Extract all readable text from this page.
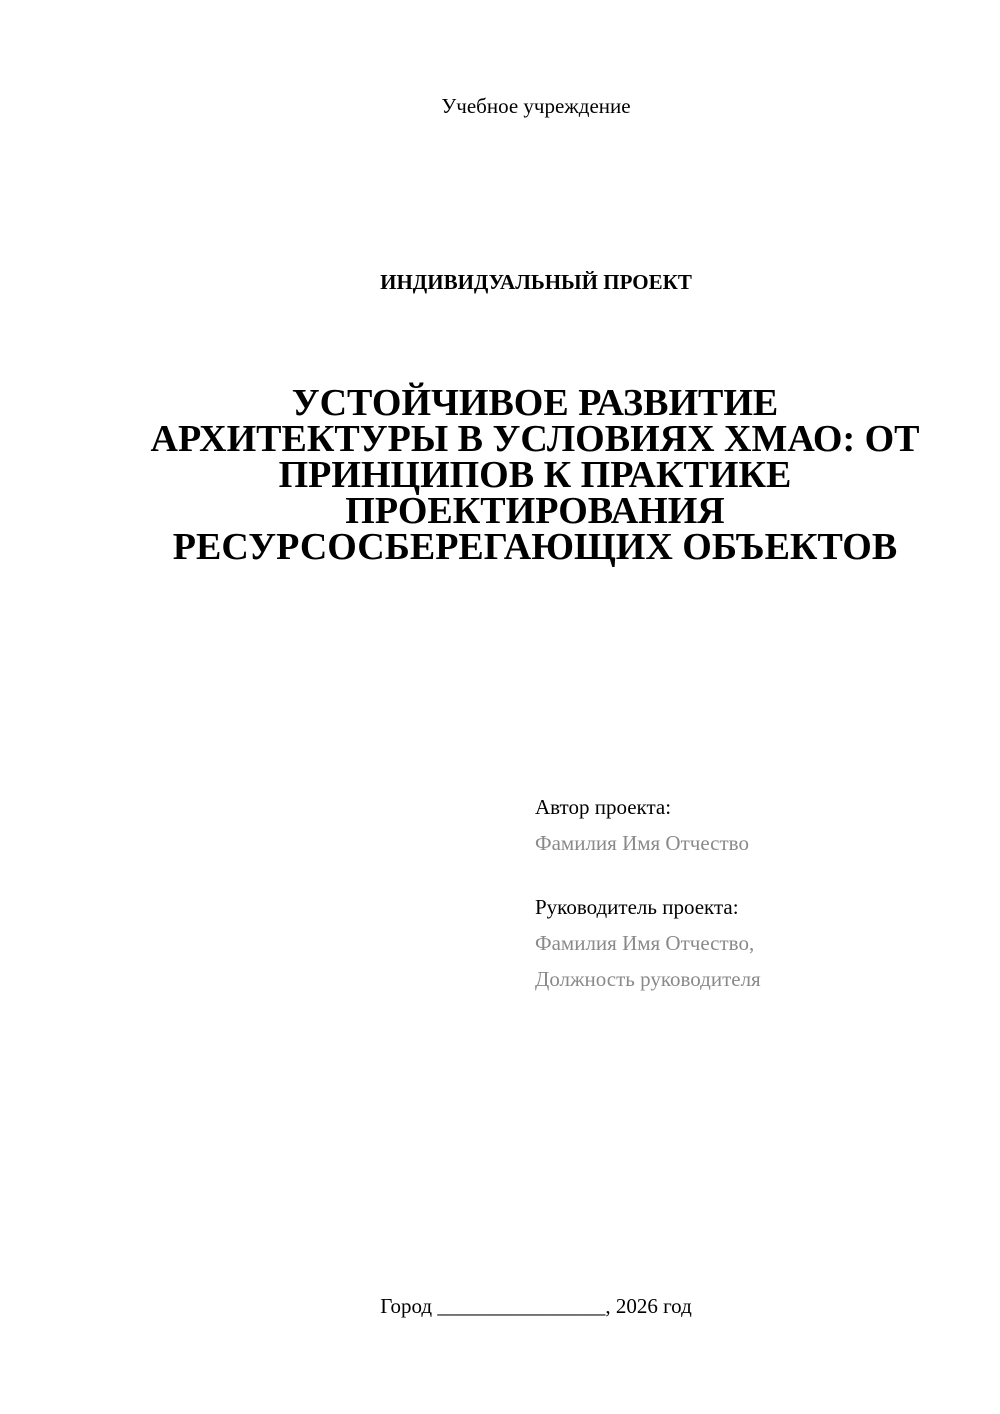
Учебное учреждение
ИНДИВИДУАЛЬНЫЙ ПРОЕКТ
УСТОЙЧИВОЕ РАЗВИТИЕ
АРХИТЕКТУРЫ В УСЛОВИЯХ ХМАО: ОТ
ПРИНЦИПОВ К ПРАКТИКЕ
ПРОЕКТИРОВАНИЯ
РЕСУРСОСБЕРЕГАЮЩИХ ОБЪЕКТОВ
Автор проекта:
Фамилия Имя Отчество
Руководитель проекта:
Фамилия Имя Отчество,
Должность руководителя
Город ________________, 2026 год
